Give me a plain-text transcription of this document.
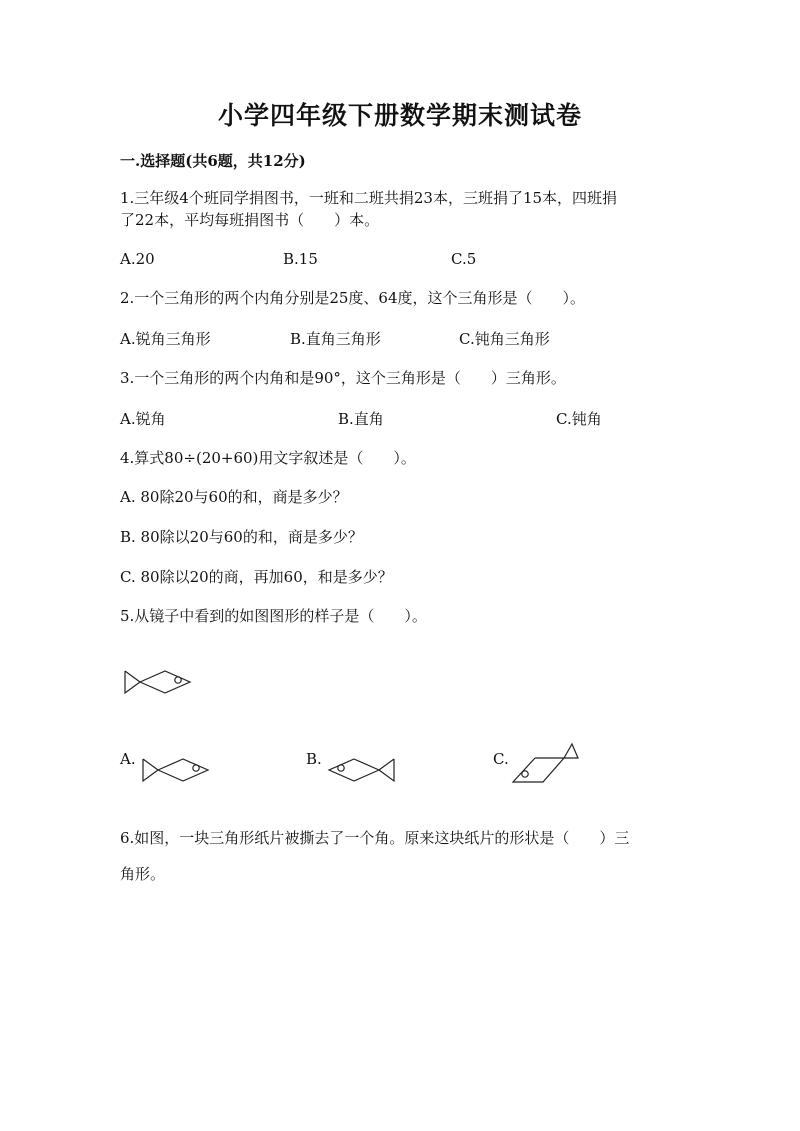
小学四年级下册数学期末测试卷
一.选择题(共6题，共12分)
1.三年级4个班同学捐图书，一班和二班共捐23本，三班捐了15本，四班捐
了22本，平均每班捐图书（　　）本。
A.20	B.15	C.5
2.一个三角形的两个内角分别是25度、64度，这个三角形是（　　）。
A.锐角三角形	B.直角三角形	C.钝角三角形
3.一个三角形的两个内角和是90°，这个三角形是（　　）三角形。
A.锐角	B.直角	C.钝角
4.算式80÷(20+60)用文字叙述是（　　）。
A. 80除20与60的和，商是多少？
B. 80除以20与60的和，商是多少？
C. 80除以20的商，再加60，和是多少？
5.从镜子中看到的如图图形的样子是（　　）。
A.	B.	C.
6.如图，一块三角形纸片被撕去了一个角。原来这块纸片的形状是（　　）三
角形。
